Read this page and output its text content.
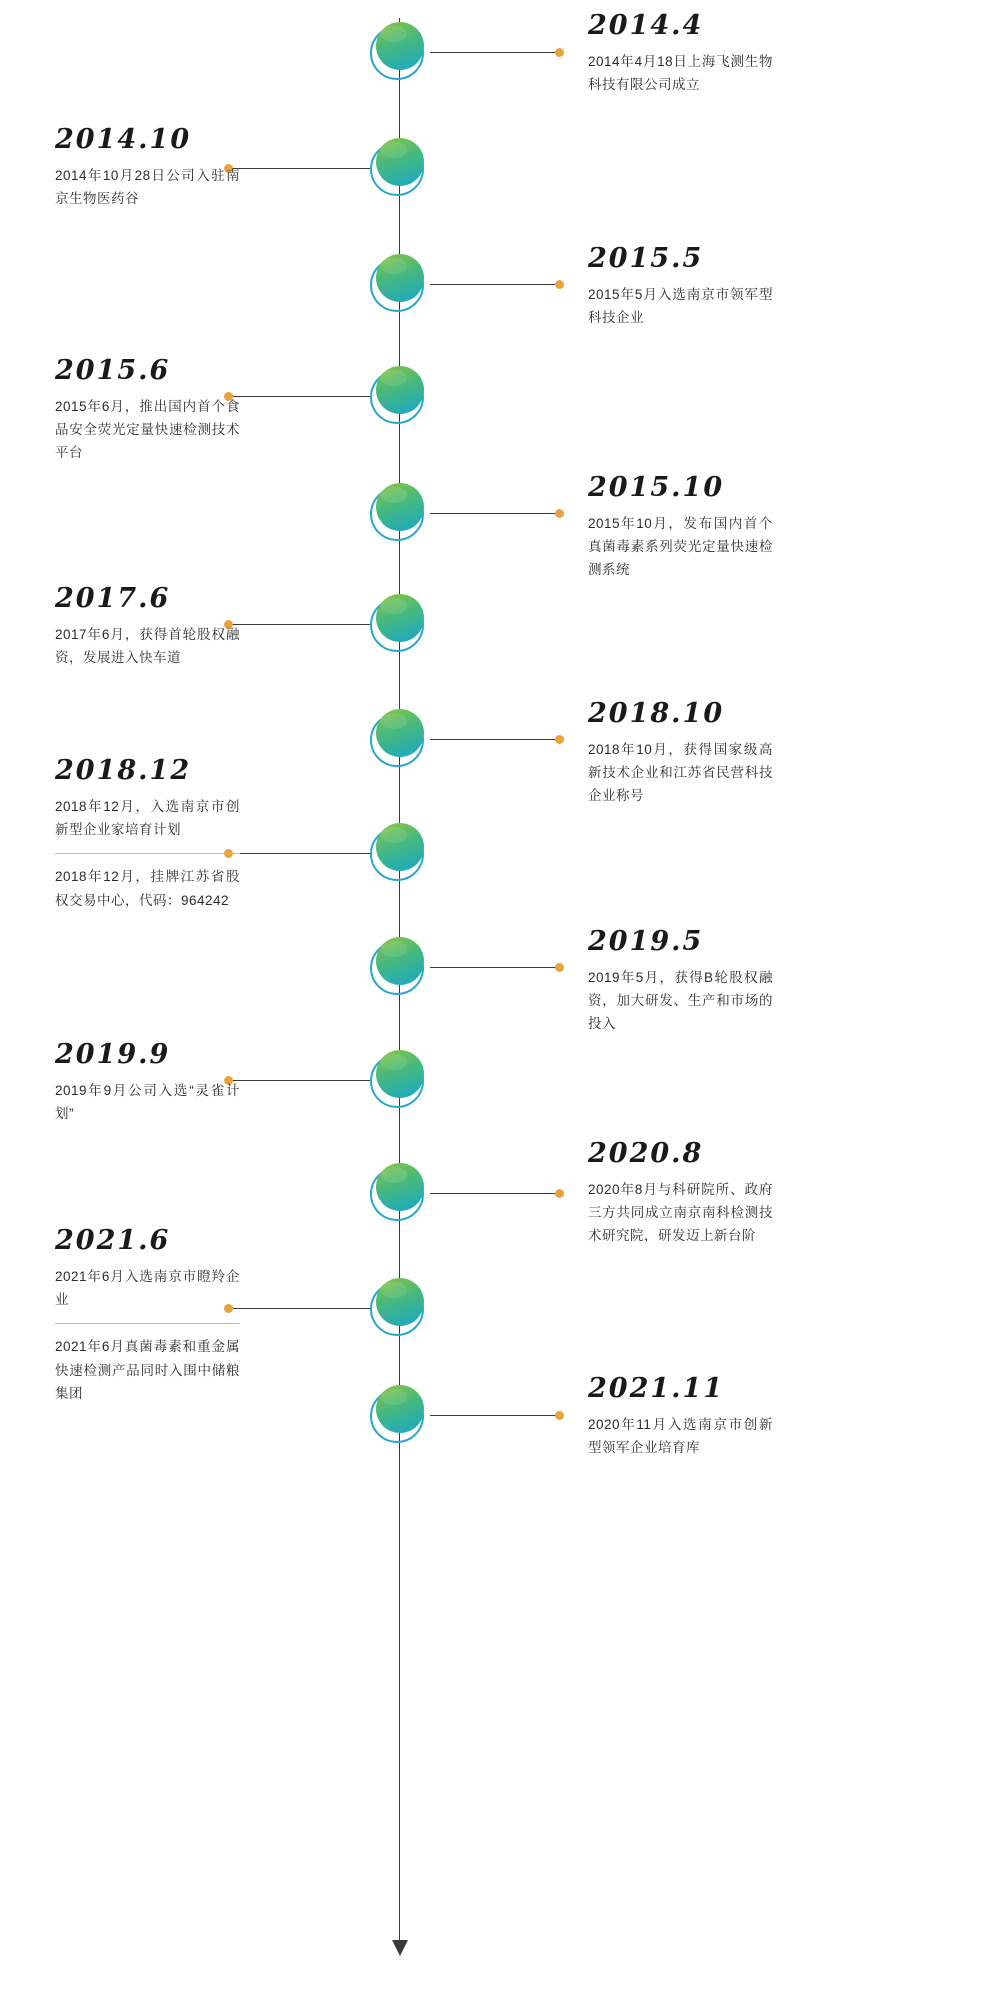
2014.4
2014年4月18日上海飞测生物科技有限公司成立
2014.10
2014年10月28日公司入驻南京生物医药谷
2015.5
2015年5月入选南京市领军型科技企业
2015.6
2015年6月，推出国内首个食品安全荧光定量快速检测技术平台
2015.10
2015年10月，发布国内首个真菌毒素系列荧光定量快速检测系统
2017.6
2017年6月，获得首轮股权融资，发展进入快车道
2018.10
2018年10月，获得国家级高新技术企业和江苏省民营科技企业称号
2018.12
2018年12月，入选南京市创新型企业家培育计划
2018年12月，挂牌江苏省股权交易中心，代码：964242
2019.5
2019年5月，获得B轮股权融资，加大研发、生产和市场的投入
2019.9
2019年9月公司入选“灵雀计划”
2020.8
2020年8月与科研院所、政府三方共同成立南京南科检测技术研究院，研发迈上新台阶
2021.6
2021年6月入选南京市瞪羚企业
2021年6月真菌毒素和重金属快速检测产品同时入围中储粮集团	2021.11
2020年11月入选南京市创新型领军企业培育库
